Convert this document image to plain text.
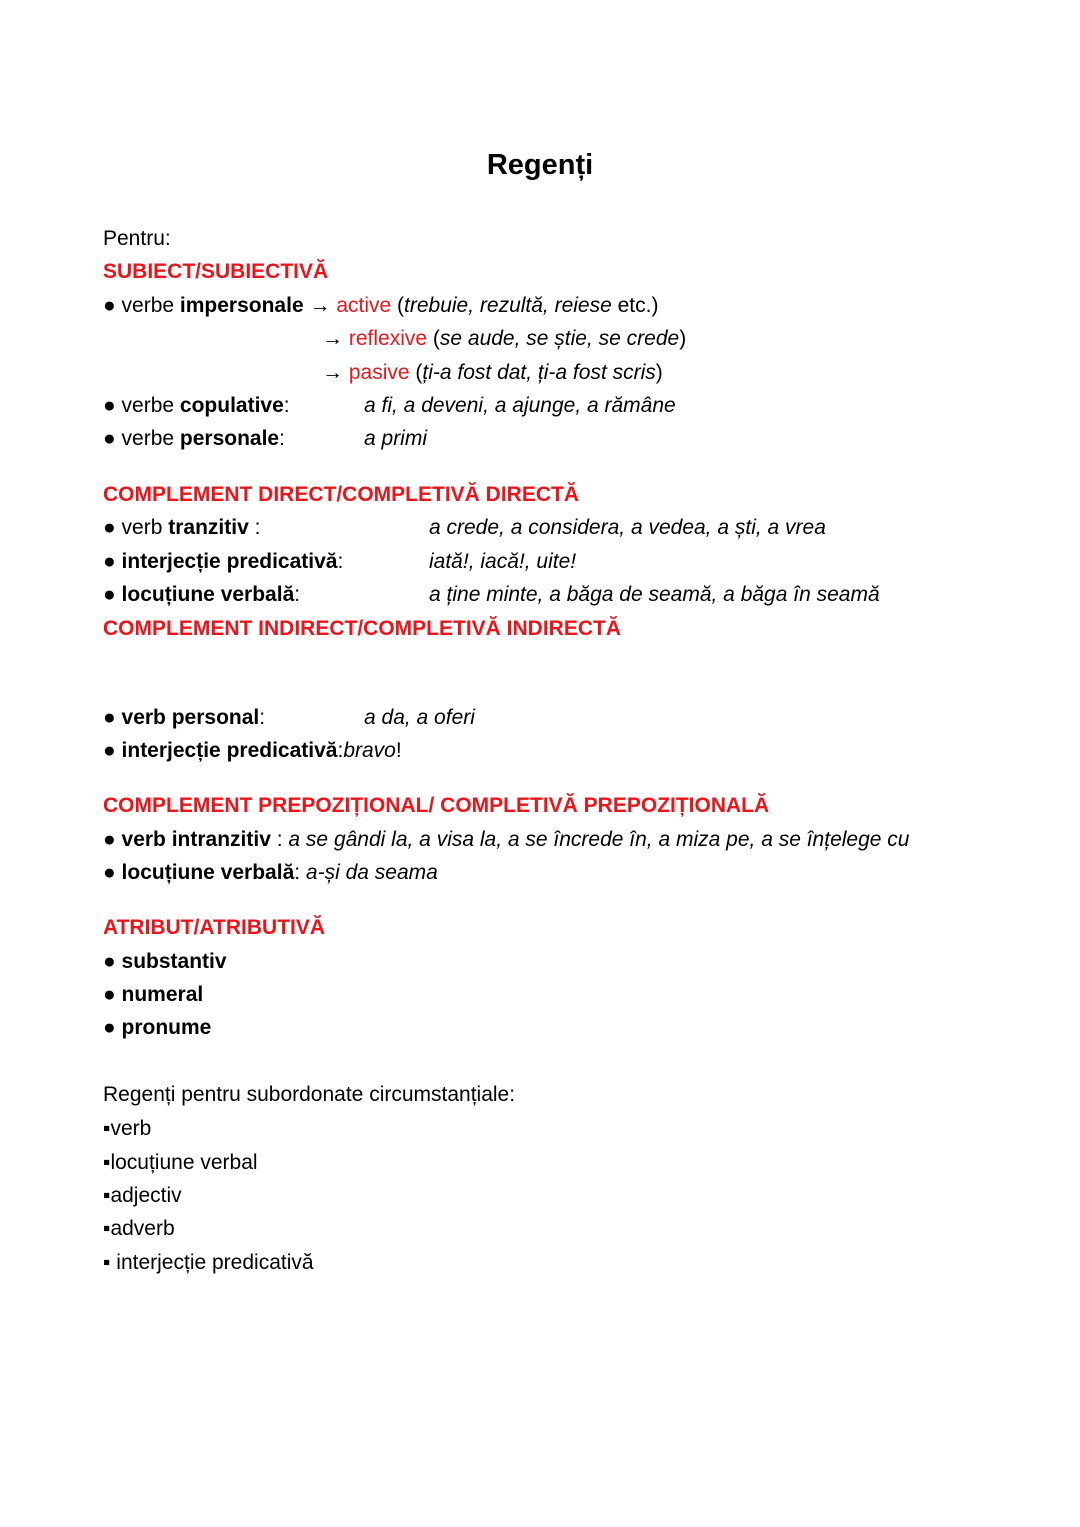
Regenți
Pentru:
SUBIECT/SUBIECTIVĂ
● verbe impersonale → active (trebuie, rezultă, reiese etc.)
→ reflexive (se aude, se știe, se crede)
→ pasive (ți-a fost dat, ți-a fost scris)
● verbe copulative:	a fi, a deveni, a ajunge, a rămâne
● verbe personale:	a primi
COMPLEMENT DIRECT/COMPLETIVĂ DIRECTĂ
● verb tranzitiv :	a crede, a considera, a vedea, a ști, a vrea
● interjecție predicativă:	iată!, iacă!, uite!
● locuțiune verbală:	a ține minte, a băga de seamă, a băga în seamă
COMPLEMENT INDIRECT/COMPLETIVĂ INDIRECTĂ
● verb personal:	a da, a oferi
● interjecție predicativă:bravo!
COMPLEMENT PREPOZIȚIONAL/ COMPLETIVĂ PREPOZIȚIONALĂ
● verb intranzitiv : a se gândi la, a visa la, a se încrede în, a miza pe, a se înțelege cu
● locuțiune verbală: a-și da seama
ATRIBUT/ATRIBUTIVĂ
● substantiv
● numeral
● pronume
Regenți pentru subordonate circumstanțiale:
▪ verb
▪ locuțiune verbal
▪ adjectiv
▪ adverb
▪  interjecție predicativă
